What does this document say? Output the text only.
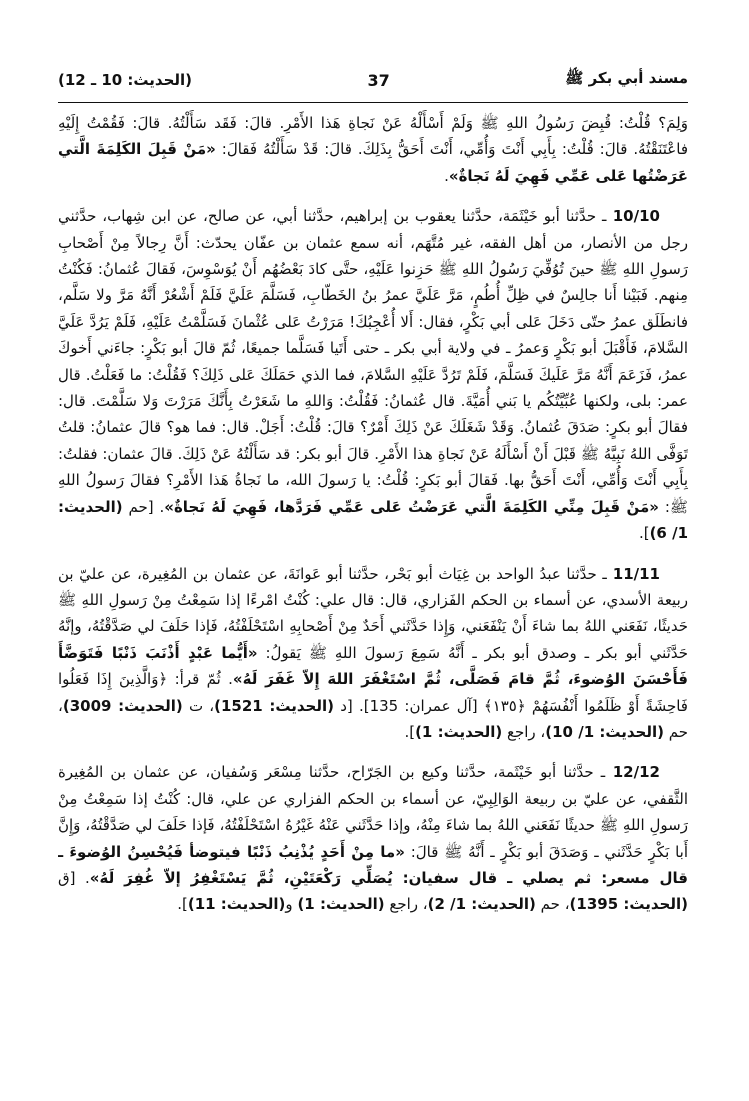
مسند أبي بكر ﷺ
37
(الحديث: 10 ـ 12)

وَلِمَ؟ قُلْتُ: قُبِضَ رَسُولُ اللهِ ﷺ وَلَمْ أَسْأَلْهُ عَنْ نَجاةِ هَذا الأَمْرِ. قالَ: فَقَد سَأَلْتُهُ. قالَ: فَقُمْتُ إِلَيْهِ فاعْتَنَقْتُهُ. قالَ: قُلْتُ: بِأَبِي أَنْتَ وَأُمِّي، أَنْتَ أَحَقُّ بِذَلِكَ. قالَ: قَدْ سَأَلْتُهُ فَقالَ: «مَنْ قَبِلَ الكَلِمَةَ الَّتي عَرَضْتُها عَلى عَمِّي فَهِيَ لَهُ نَجاةٌ».

10/10 ـ حدَّثنا أبو خَيْثَمَة، حدَّثنا يعقوب بن إبراهيم، حدَّثنا أبي، عن صالح، عن ابن شِهاب، حدَّثني رجل من الأنصار، من أهل الفقه، غير مُتَّهَم، أنه سمع عثمان بن عفّان يحدّث: أَنَّ رِجالاً مِنْ أَصْحابِ رَسولِ اللهِ ﷺ حينَ تُوُفِّيَ رَسُولُ اللهِ ﷺ حَزِنوا عَلَيْهِ، حتَّى كادَ بَعْضُهُم أَنْ يُوَسْوِسَ، فَقالَ عُثمانُ: فَكُنْتُ مِنهم. فَبَيْنا أَنا جالِسٌ في ظِلِّ أُطُمٍ، مَرَّ عَلَيَّ عمرُ بنُ الخَطّابِ، فَسَلَّمَ عَلَيَّ فَلَمْ أَشْعُرْ أَنَّهُ مَرَّ ولا سَلَّم، فانطَلَق عمرُ حتّى دَخَلَ عَلى أبي بَكْرٍ، فقال: أَلا أُعْجِبُكَ! مَرَرْتُ عَلى عُثْمانَ فَسَلَّمْتُ عَلَيْهِ، فَلَمْ يَرُدَّ عَلَيَّ السَّلامَ، فَأَقْبَلَ أبو بَكْرٍ وَعمرُ ـ في ولاية أبي بكر ـ حتى أَتَيا فَسَلَّما جميعًا، ثُمّ قالَ أبو بَكْرٍ: جاءَني أَخوكَ عمرُ، فَزَعَمَ أَنَّهُ مَرَّ عَلَيكَ فَسَلَّمَ، فَلَمْ تَرُدَّ عَلَيْهِ السَّلامَ، فما الذي حَمَلَكَ عَلى ذَلِكَ؟ فَقُلْتُ: ما فَعَلْتُ. قال عمر: بلى، ولكنها عُبِّيَّتُكُم يا بَني أُمَيَّةَ. قال عُثمانُ: فَقُلْتُ: وَاللهِ ما شَعَرْتُ بِأَنَّكَ مَرَرْتَ وَلا سَلَّمْتَ. قال: فقالَ أبو بكرٍ: صَدَقَ عُثمانُ. وَقَدْ شَغَلَكَ عَنْ ذَلِكَ أَمْرٌ؟ قالَ: قُلْتُ: أَجَلْ. قال: فما هو؟ قالَ عثمانُ: قلتُ تَوَفَّى اللهُ نَبِيَّهُ ﷺ قَبْلَ أَنْ أَسْأَلَهُ عَنْ نَجاةِ هذا الأَمْرِ. قالَ أبو بكر: قد سَأَلْتُهُ عَنْ ذَلِكَ. قالَ عثمان: فقلتُ: بِأَبِي أَنْتَ وَأُمِّي، أَنْتَ أَحَقُّ بها. فَقالَ أبو بَكرٍ: قُلْتُ: يا رَسولَ الله، ما نَجاةُ هَذا الأَمْرِ؟ فقالَ رَسولُ اللهِ ﷺ: «مَنْ قَبِلَ مِنِّي الكَلِمَةَ الَّتي عَرَضْتُ عَلى عَمِّي فَرَدَّها، فَهِيَ لَهُ نَجاةٌ». [حم (الحديث: 1/ 6)].

11/11 ـ حدَّثنا عبدُ الواحد بن غِيَاث أبو بَحْر، حدَّثنا أبو عَوانَةَ، عن عثمان بن المُغِيرة، عن عليّ بن ربيعة الأسدي، عن أسماء بن الحكم الفَزاري، قال: قال علي: كُنْتُ امْرءًا إذا سَمِعْتُ مِنْ رَسولِ اللهِ ﷺ حَديثًا، نَفَعَني اللهُ بما شاءَ أَنْ يَنْفَعَني، وَإِذا حَدَّثَني أَحَدٌ مِنْ أَصْحابِهِ اسْتَحْلَفْتُهُ، فَإذا حَلَفَ لي صَدَّقْتُهُ، وإنَّهُ حَدَّثَني أبو بكر ـ وصدق أبو بكر ـ أَنَّهُ سَمِعَ رَسولَ اللهِ ﷺ يَقولُ: «أَيُّما عَبْدٍ أَذْنَبَ ذَنْبًا فَتَوَضَّأَ فَأَحْسَنَ الوُضوءَ، ثُمَّ قامَ فَصَلَّى، ثُمَّ اسْتَغْفَرَ اللهَ إِلاّ غَفَرَ لَهُ». ثُمّ قرأ: ﴿وَالَّذِينَ إِذَا فَعَلُوا فَاحِشَةً أَوْ ظَلَمُوا أَنْفُسَهُمْ ﴿١٣٥﴾ [آل عمران: 135]. [د (الحديث: 1521)، ت (الحديث: 3009)، حم (الحديث: 1/ 10)، راجع (الحديث: 1)].

12/12 ـ حدَّثنا أبو خَيْثَمة، حدَّثنا وكيع بن الجَرّاح، حدَّثنا مِسْعَر وَسُفيان، عن عثمان بن المُغِيرة الثَّقفي، عن عليّ بن ربيعة الوَالِبِيّ، عن أسماء بن الحكم الفزاري عن علي، قال: كُنْتُ إذا سَمِعْتُ مِنْ رَسولِ اللهِ ﷺ حديثًا نَفَعَني اللهُ بما شاءَ مِنْهُ، وإذا حَدَّثَني عَنْهُ غَيْرُهُ اسْتَحْلَفْتُهُ، فَإذا حَلَفَ لي صَدَّقْتُهُ، وَإِنَّ أَبا بَكْرٍ حَدَّثَني ـ وَصَدَقَ أبو بَكْرٍ ـ أَنَّهُ ﷺ قالَ: «ما مِنْ أَحَدٍ يُذْنِبُ ذَنْبًا فيتوضأ فَيُحْسِنُ الوُضوءَ ـ قال مسعر: ثم يصلي ـ قال سفيان: يُصَلِّي رَكْعَتَيْنِ، ثُمَّ يَسْتَغْفِرُ إلاّ غُفِرَ لَهُ». [ق (الحديث: 1395)، حم (الحديث: 1/ 2)، راجع (الحديث: 1) و(الحديث: 11)].
